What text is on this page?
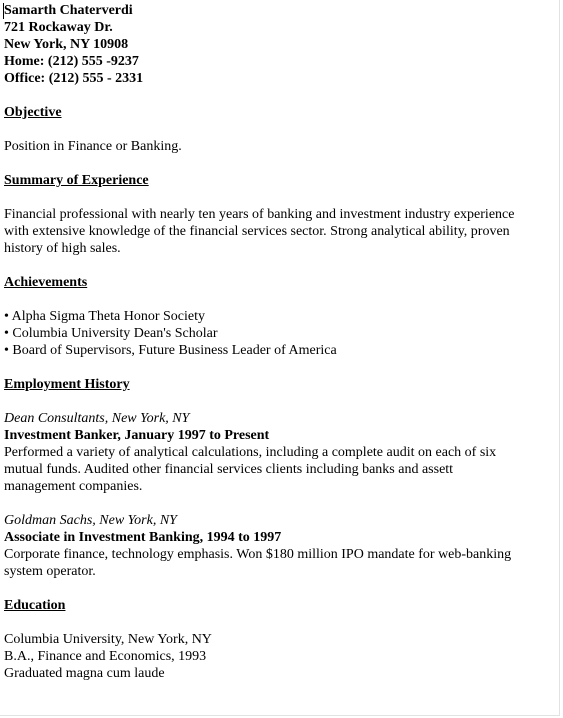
Samarth Chaterverdi
721 Rockaway Dr.
New York, NY 10908
Home: (212) 555 -9237
Office: (212) 555 - 2331
Objective
Position in Finance or Banking.
Summary of Experience
Financial professional with nearly ten years of banking and investment industry experience
with extensive knowledge of the financial services sector. Strong analytical ability, proven
history of high sales.
Achievements
• Alpha Sigma Theta Honor Society
• Columbia University Dean's Scholar
• Board of Supervisors, Future Business Leader of America
Employment History
Dean Consultants, New York, NY
Investment Banker, January 1997 to Present
Performed a variety of analytical calculations, including a complete audit on each of six
mutual funds. Audited other financial services clients including banks and assett
management companies.
Goldman Sachs, New York, NY
Associate in Investment Banking, 1994 to 1997
Corporate finance, technology emphasis. Won $180 million IPO mandate for web-banking
system operator.
Education
Columbia University, New York, NY
B.A., Finance and Economics, 1993
Graduated magna cum laude
